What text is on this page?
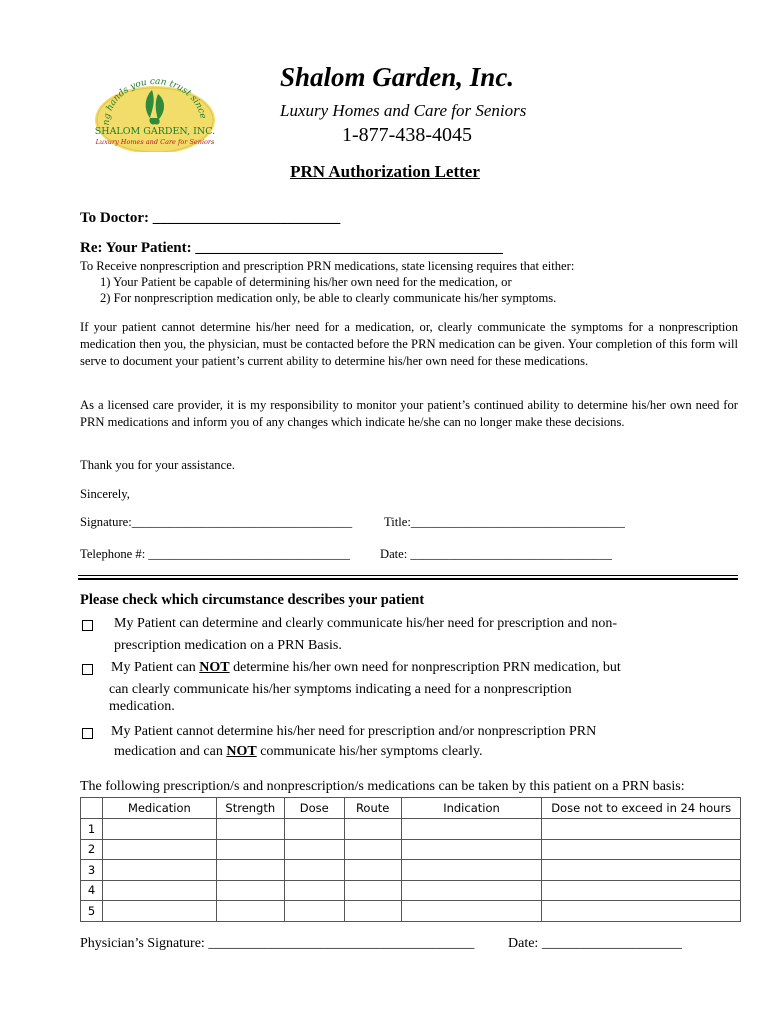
ng hands you can trust since
SHALOM GARDEN, INC.
Luxury Homes and Care for Seniors
Shalom Garden, Inc.
Luxury Homes and Care for Seniors
1-877-438-4045
PRN Authorization Letter
To Doctor: _________________________
Re: Your Patient: _________________________________________
To Receive nonprescription and prescription PRN medications, state licensing requires that either:
1) Your Patient be capable of determining his/her own need for the medication, or
2) For nonprescription medication only, be able to clearly communicate his/her symptoms.
If your patient cannot determine his/her need for a medication, or, clearly communicate the symptoms for a nonprescription medication then you, the physician, must be contacted before the PRN medication can be given. Your completion of this form will serve to document your patient’s current ability to determine his/her own need for these medications.
As a licensed care provider, it is my responsibility to monitor your patient’s continued ability to determine his/her own need for PRN medications and inform you of any changes which indicate he/she can no longer make these decisions.
Thank you for your assistance.
Sincerely,
Signature:___________________________________	Title:__________________________________
Telephone #: ________________________________ Date: ________________________________
Please check which circumstance describes your patient
My Patient can determine and clearly communicate his/her need for prescription and non-
prescription medication on a PRN Basis.
My Patient can NOT determine his/her own need for nonprescription PRN medication, but
can clearly communicate his/her symptoms indicating a need for a nonprescription
medication.
My Patient cannot determine his/her need for prescription and/or nonprescription PRN
medication and can NOT communicate his/her symptoms clearly.
The following prescription/s and nonprescription/s medications can be taken by this patient on a PRN basis:
	Medication	Strength	Dose	Route	Indication	Dose not to exceed in 24 hours
1						
2						
3						
4						
5						
Physician’s Signature: ______________________________________ Date: ____________________
